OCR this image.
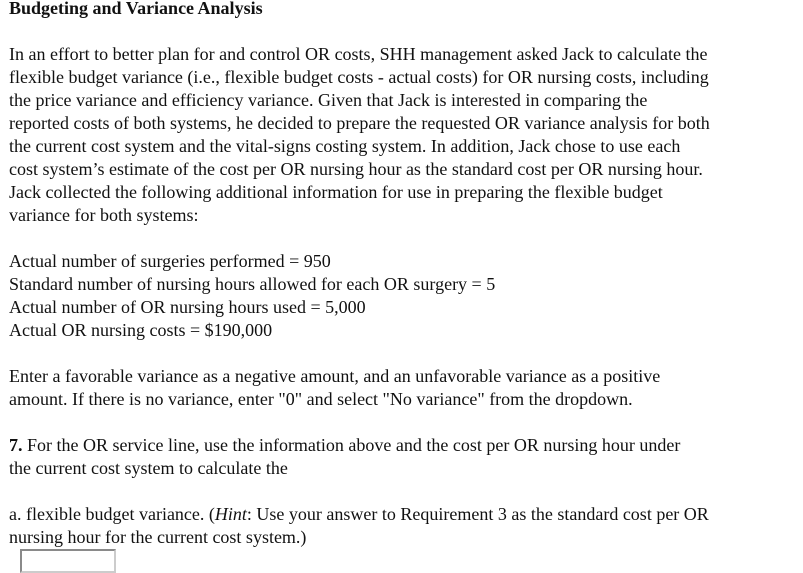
Budgeting and Variance Analysis
In an effort to better plan for and control OR costs, SHH management asked Jack to calculate the
flexible budget variance (i.e., flexible budget costs - actual costs) for OR nursing costs, including
the price variance and efficiency variance. Given that Jack is interested in comparing the
reported costs of both systems, he decided to prepare the requested OR variance analysis for both
the current cost system and the vital-signs costing system. In addition, Jack chose to use each
cost system’s estimate of the cost per OR nursing hour as the standard cost per OR nursing hour.
Jack collected the following additional information for use in preparing the flexible budget
variance for both systems:
Actual number of surgeries performed = 950
Standard number of nursing hours allowed for each OR surgery = 5
Actual number of OR nursing hours used = 5,000
Actual OR nursing costs = $190,000
Enter a favorable variance as a negative amount, and an unfavorable variance as a positive
amount. If there is no variance, enter "0" and select "No variance" from the dropdown.
7. For the OR service line, use the information above and the cost per OR nursing hour under
the current cost system to calculate the
a. flexible budget variance. (Hint: Use your answer to Requirement 3 as the standard cost per OR
nursing hour for the current cost system.)
